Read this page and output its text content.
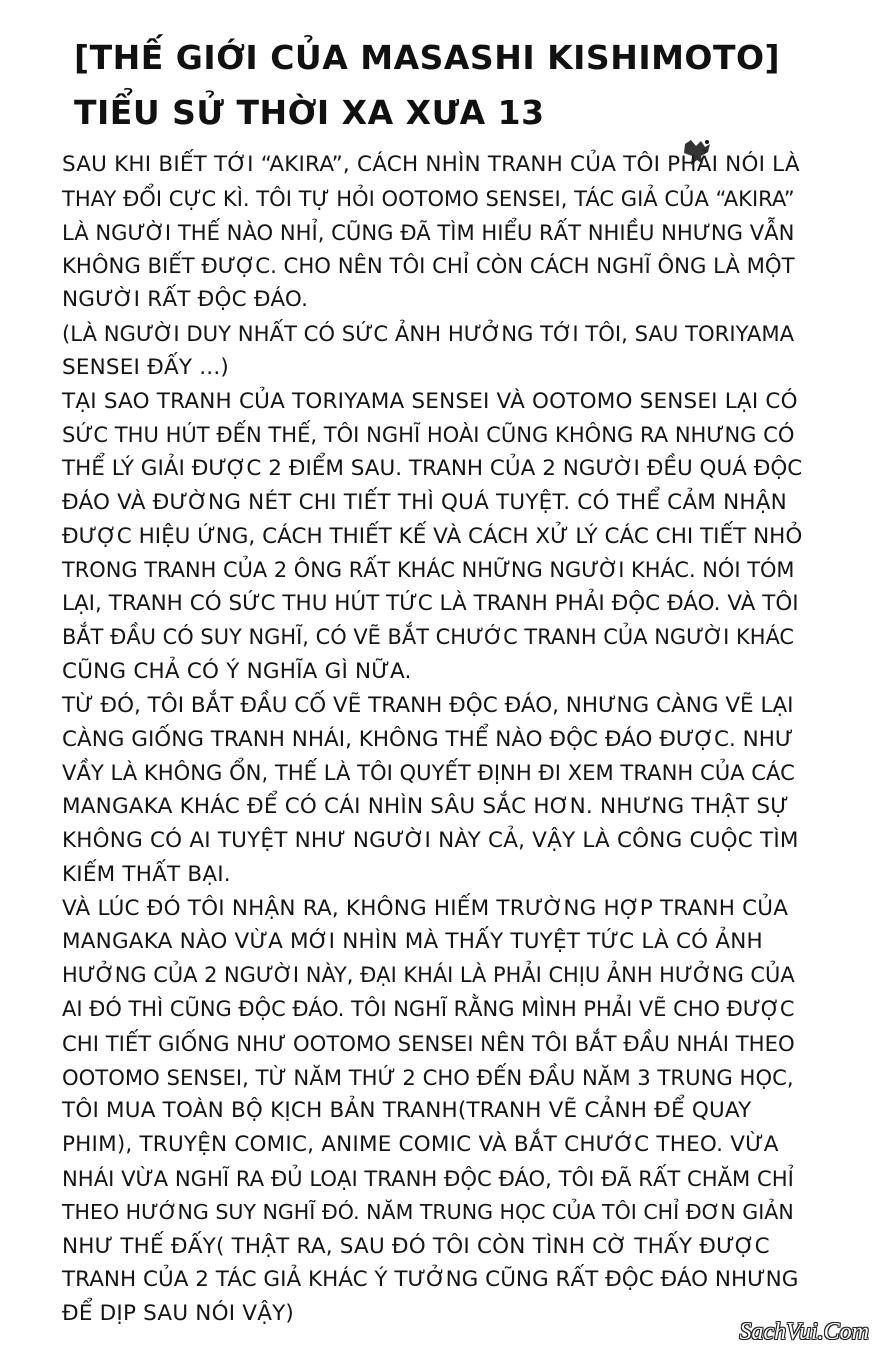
[THẾ GIỚI CỦA MASASHI KISHIMOTO]
TIỂU SỬ THỜI XA XƯA 13
SAU KHI BIẾT TỚI “AKIRA”, CÁCH NHÌN TRANH CỦA TÔI PHẢI NÓI LÀ
THAY ĐỔI CỰC KÌ. TÔI TỰ HỎI OOTOMO SENSEI, TÁC GIẢ CỦA “AKIRA”
LÀ NGƯỜI THẾ NÀO NHỈ, CŨNG ĐÃ TÌM HIỂU RẤT NHIỀU NHƯNG VẪN
KHÔNG BIẾT ĐƯỢC. CHO NÊN TÔI CHỈ CÒN CÁCH NGHĨ ÔNG LÀ MỘT
NGƯỜI RẤT ĐỘC ĐÁO.
(LÀ NGƯỜI DUY NHẤT CÓ SỨC ẢNH HƯỞNG TỚI TÔI, SAU TORIYAMA
SENSEI ĐẤY ...)
TẠI SAO TRANH CỦA TORIYAMA SENSEI VÀ OOTOMO SENSEI LẠI CÓ
SỨC THU HÚT ĐẾN THẾ, TÔI NGHĨ HOÀI CŨNG KHÔNG RA NHƯNG CÓ
THỂ LÝ GIẢI ĐƯỢC 2 ĐIỂM SAU. TRANH CỦA 2 NGƯỜI ĐỀU QUÁ ĐỘC
ĐÁO VÀ ĐƯỜNG NÉT CHI TIẾT THÌ QUÁ TUYỆT. CÓ THỂ CẢM NHẬN
ĐƯỢC HIỆU ỨNG, CÁCH THIẾT KẾ VÀ CÁCH XỬ LÝ CÁC CHI TIẾT NHỎ
TRONG TRANH CỦA 2 ÔNG RẤT KHÁC NHỮNG NGƯỜI KHÁC. NÓI TÓM
LẠI, TRANH CÓ SỨC THU HÚT TỨC LÀ TRANH PHẢI ĐỘC ĐÁO. VÀ TÔI
BẮT ĐẦU CÓ SUY NGHĨ, CÓ VẼ BẮT CHƯỚC TRANH CỦA NGƯỜI KHÁC
CŨNG CHẢ CÓ Ý NGHĨA GÌ NỮA.
TỪ ĐÓ, TÔI BẮT ĐẦU CỐ VẼ TRANH ĐỘC ĐÁO, NHƯNG CÀNG VẼ LẠI
CÀNG GIỐNG TRANH NHÁI, KHÔNG THỂ NÀO ĐỘC ĐÁO ĐƯỢC. NHƯ
VẦY LÀ KHÔNG ỔN, THẾ LÀ TÔI QUYẾT ĐỊNH ĐI XEM TRANH CỦA CÁC
MANGAKA KHÁC ĐỂ CÓ CÁI NHÌN SÂU SẮC HƠN. NHƯNG THẬT SỰ
KHÔNG CÓ AI TUYỆT NHƯ NGƯỜI NÀY CẢ, VẬY LÀ CÔNG CUỘC TÌM
KIẾM THẤT BẠI.
VÀ LÚC ĐÓ TÔI NHẬN RA, KHÔNG HIẾM TRƯỜNG HỢP TRANH CỦA
MANGAKA NÀO VỪA MỚI NHÌN MÀ THẤY TUYỆT TỨC LÀ CÓ ẢNH
HƯỞNG CỦA 2 NGƯỜI NÀY, ĐẠI KHÁI LÀ PHẢI CHỊU ẢNH HƯỞNG CỦA
AI ĐÓ THÌ CŨNG ĐỘC ĐÁO. TÔI NGHĨ RẰNG MÌNH PHẢI VẼ CHO ĐƯỢC
CHI TIẾT GIỐNG NHƯ OOTOMO SENSEI NÊN TÔI BẮT ĐẦU NHÁI THEO
OOTOMO SENSEI, TỪ NĂM THỨ 2 CHO ĐẾN ĐẦU NĂM 3 TRUNG HỌC,
TÔI MUA TOÀN BỘ KỊCH BẢN TRANH(TRANH VẼ CẢNH ĐỂ QUAY
PHIM), TRUYỆN COMIC, ANIME COMIC VÀ BẮT CHƯỚC THEO. VỪA
NHÁI VỪA NGHĨ RA ĐỦ LOẠI TRANH ĐỘC ĐÁO, TÔI ĐÃ RẤT CHĂM CHỈ
THEO HƯỚNG SUY NGHĨ ĐÓ. NĂM TRUNG HỌC CỦA TÔI CHỈ ĐƠN GIẢN
NHƯ THẾ ĐẤY( THẬT RA, SAU ĐÓ TÔI CÒN TÌNH CỜ THẤY ĐƯỢC
TRANH CỦA 2 TÁC GIẢ KHÁC Ý TƯỞNG CŨNG RẤT ĐỘC ĐÁO NHƯNG
ĐỂ DỊP SAU NÓI VẬY)
SachVui.Com
